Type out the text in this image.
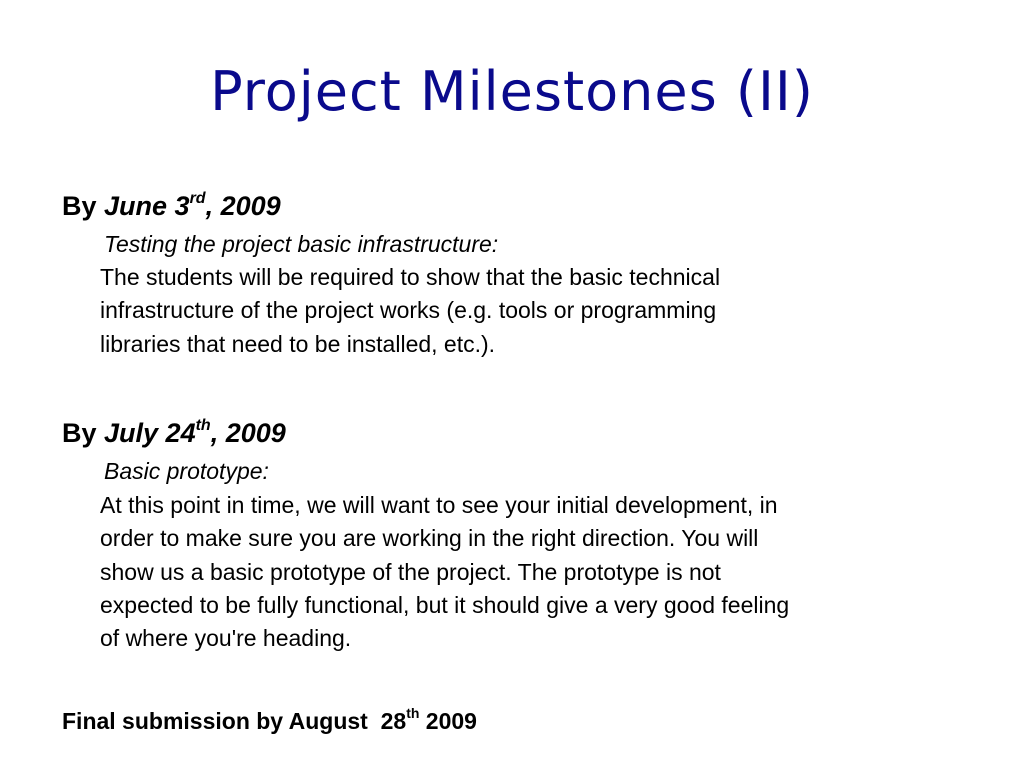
Project Milestones (II)
By June 3rd, 2009
Testing the project basic infrastructure:
The students will be required to show that the basic technical
infrastructure of the project works (e.g. tools or programming
libraries that need to be installed, etc.).
By July 24th, 2009
Basic prototype:
At this point in time, we will want to see your initial development, in
order to make sure you are working in the right direction. You will
show us a basic prototype of the project. The prototype is not
expected to be fully functional, but it should give a very good feeling
of where you're heading.
Final submission by August  28th 2009
